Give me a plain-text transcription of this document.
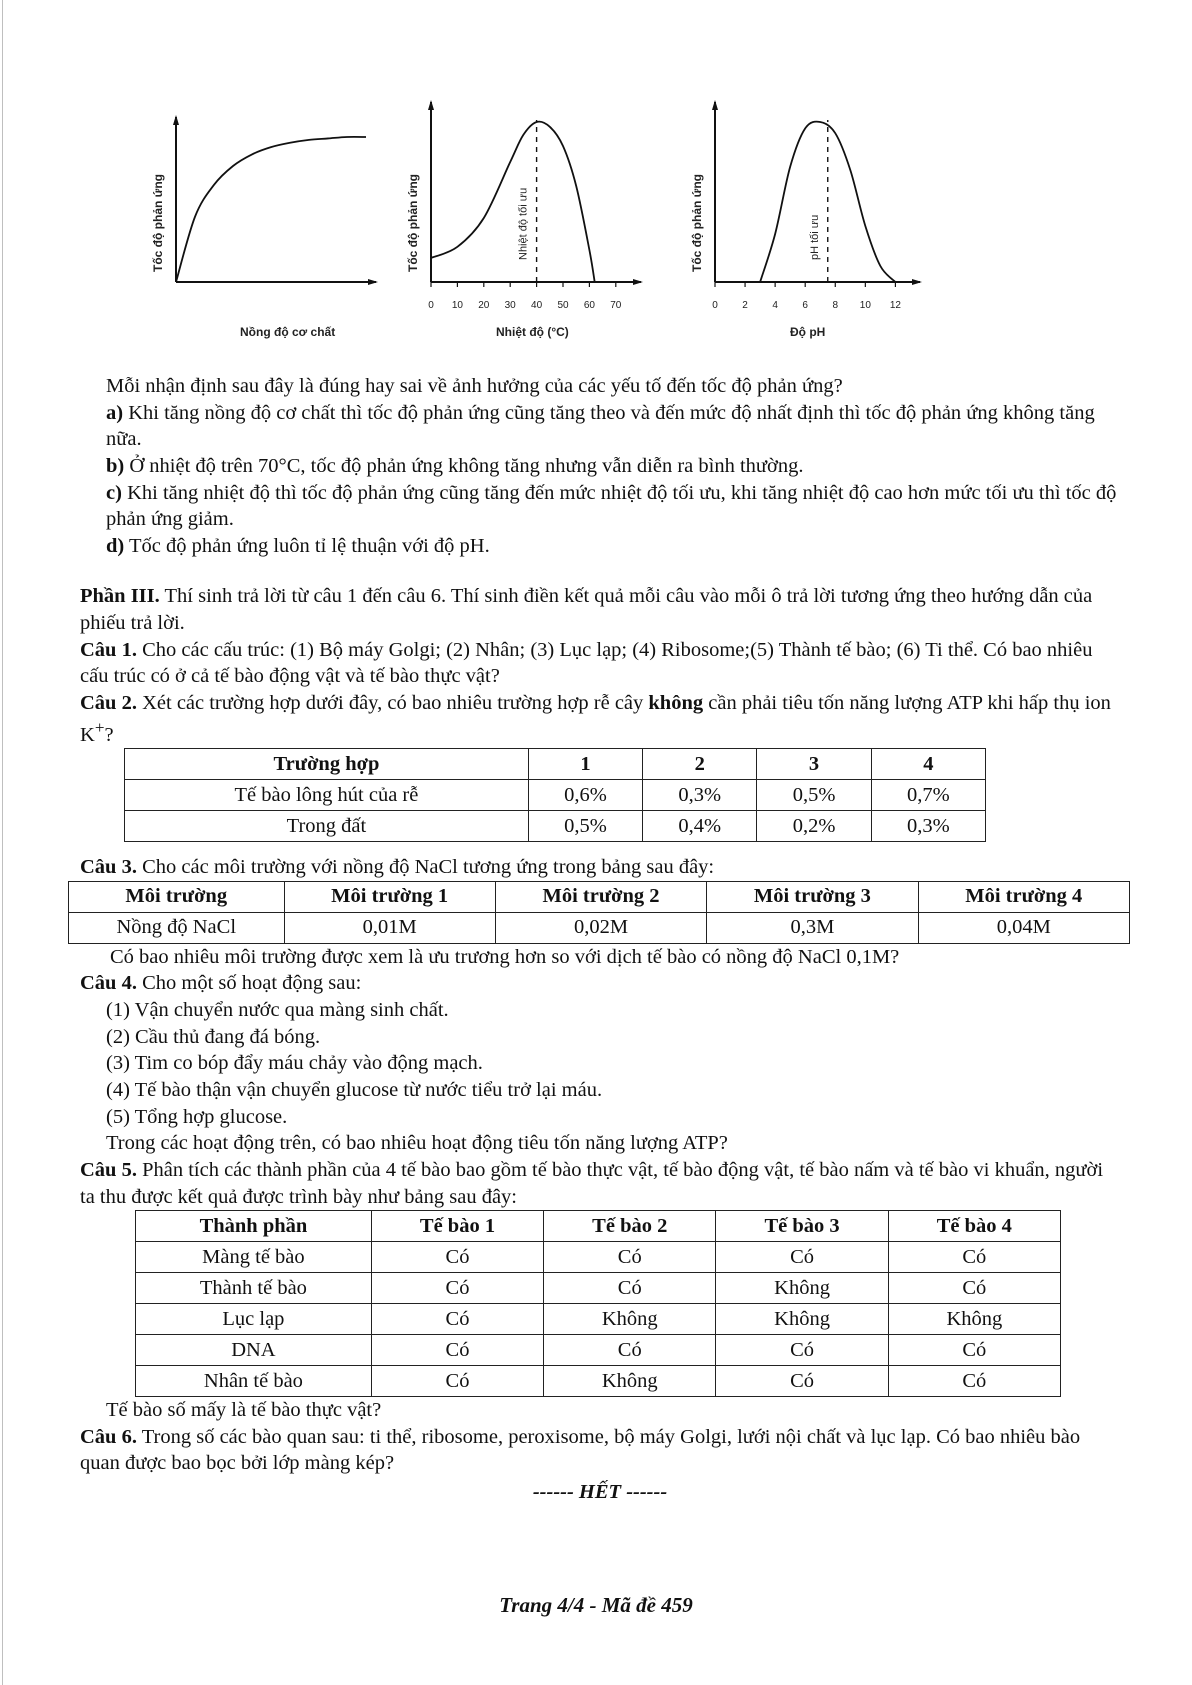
Tốc độ phản ứng
Nồng độ cơ chất
Tốc độ phản ứng
Nhiệt độ (°C)
0 10 20 30 40 50 60 70
Nhiệt độ tối ưu	Tốc độ phản ứng
Độ pH
0 2 4 6 8 10 12
pH tối ưu

Mỗi nhận định sau đây là đúng hay sai về ảnh hưởng của các yếu tố đến tốc độ phản ứng?

a) Khi tăng nồng độ cơ chất thì tốc độ phản ứng cũng tăng theo và đến mức độ nhất định thì tốc độ phản ứng không tăng nữa.

b) Ở nhiệt độ trên 70°C, tốc độ phản ứng không tăng nhưng vẫn diễn ra bình thường.

c) Khi tăng nhiệt độ thì tốc độ phản ứng cũng tăng đến mức nhiệt độ tối ưu, khi tăng nhiệt độ cao hơn mức tối ưu thì tốc độ phản ứng giảm.

d) Tốc độ phản ứng luôn tỉ lệ thuận với độ pH.

Phần III. Thí sinh trả lời từ câu 1 đến câu 6. Thí sinh điền kết quả mỗi câu vào mỗi ô trả lời tương ứng theo hướng dẫn của phiếu trả lời.

Câu 1. Cho các cấu trúc: (1) Bộ máy Golgi; (2) Nhân; (3) Lục lạp; (4) Ribosome;(5) Thành tế bào; (6) Ti thể. Có bao nhiêu cấu trúc có ở cả tế bào động vật và tế bào thực vật?

Câu 2. Xét các trường hợp dưới đây, có bao nhiêu trường hợp rễ cây không cần phải tiêu tốn năng lượng ATP khi hấp thụ ion K+?

Trường hợp	1	2	3	4
Tế bào lông hút của rễ	0,6%	0,3%	0,5%	0,7%
Trong đất	0,5%	0,4%	0,2%	0,3%

Câu 3. Cho các môi trường với nồng độ NaCl tương ứng trong bảng sau đây:

Môi trường	Môi trường 1	Môi trường 2	Môi trường 3	Môi trường 4
Nồng độ NaCl	0,01M	0,02M	0,3M	0,04M

Có bao nhiêu môi trường được xem là ưu trương hơn so với dịch tế bào có nồng độ NaCl 0,1M?

Câu 4. Cho một số hoạt động sau:

(1) Vận chuyển nước qua màng sinh chất.

(2) Cầu thủ đang đá bóng.

(3) Tim co bóp đẩy máu chảy vào động mạch.

(4) Tế bào thận vận chuyển glucose từ nước tiểu trở lại máu.

(5) Tổng hợp glucose.

Trong các hoạt động trên, có bao nhiêu hoạt động tiêu tốn năng lượng ATP?

Câu 5. Phân tích các thành phần của 4 tế bào bao gồm tế bào thực vật, tế bào động vật, tế bào nấm và tế bào vi khuẩn, người ta thu được kết quả được trình bày như bảng sau đây:

Thành phần	Tế bào 1	Tế bào 2	Tế bào 3	Tế bào 4
Màng tế bào	Có	Có	Có	Có
Thành tế bào	Có	Có	Không	Có
Lục lạp	Có	Không	Không	Không
DNA	Có	Có	Có	Có
Nhân tế bào	Có	Không	Có	Có

Tế bào số mấy là tế bào thực vật?

Câu 6. Trong số các bào quan sau: ti thể, ribosome, peroxisome, bộ máy Golgi, lưới nội chất và lục lạp. Có bao nhiêu bào quan được bao bọc bởi lớp màng kép?

------ HẾT ------

Trang 4/4 - Mã đề 459
